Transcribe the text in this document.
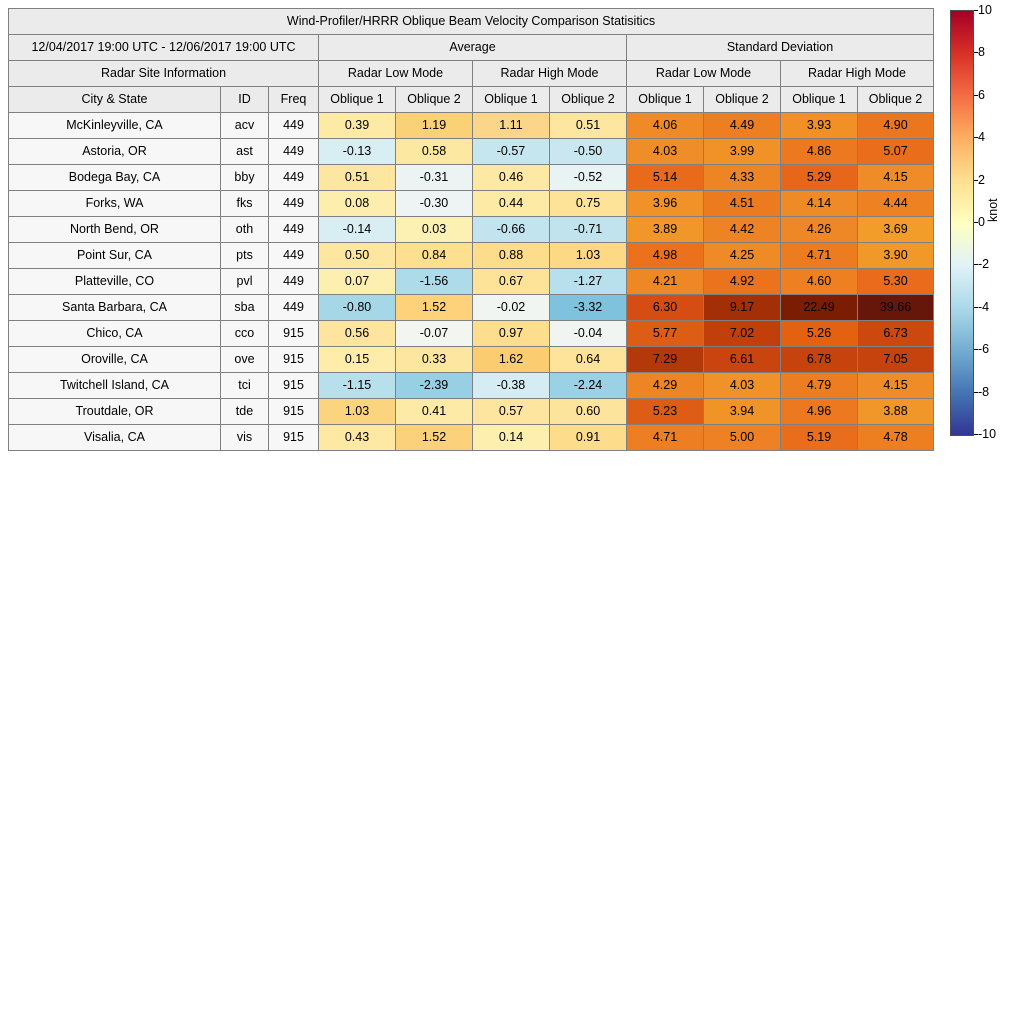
Wind-Profiler/HRRR Oblique Beam Velocity Comparison Statisitics										
12/04/2017 19:00 UTC - 12/06/2017 19:00 UTC			Average				Standard Deviation			
Radar Site Information			Radar Low Mode		Radar High Mode		Radar Low Mode		Radar High Mode	
City & State	ID	Freq	Oblique 1	Oblique 2	Oblique 1	Oblique 2	Oblique 1	Oblique 2	Oblique 1	Oblique 2
McKinleyville, CA	acv	449	0.39	1.19	1.11	0.51	4.06	4.49	3.93	4.90
Astoria, OR	ast	449	-0.13	0.58	-0.57	-0.50	4.03	3.99	4.86	5.07
Bodega Bay, CA	bby	449	0.51	-0.31	0.46	-0.52	5.14	4.33	5.29	4.15
Forks, WA	fks	449	0.08	-0.30	0.44	0.75	3.96	4.51	4.14	4.44
North Bend, OR	oth	449	-0.14	0.03	-0.66	-0.71	3.89	4.42	4.26	3.69
Point Sur, CA	pts	449	0.50	0.84	0.88	1.03	4.98	4.25	4.71	3.90
Platteville, CO	pvl	449	0.07	-1.56	0.67	-1.27	4.21	4.92	4.60	5.30
Santa Barbara, CA	sba	449	-0.80	1.52	-0.02	-3.32	6.30	9.17	22.49	39.66
Chico, CA	cco	915	0.56	-0.07	0.97	-0.04	5.77	7.02	5.26	6.73
Oroville, CA	ove	915	0.15	0.33	1.62	0.64	7.29	6.61	6.78	7.05
Twitchell Island, CA	tci	915	-1.15	-2.39	-0.38	-2.24	4.29	4.03	4.79	4.15
Troutdale, OR	tde	915	1.03	0.41	0.57	0.60	5.23	3.94	4.96	3.88
Visalia, CA	vis	915	0.43	1.52	0.14	0.91	4.71	5.00	5.19	4.78
10
8
6
4
2
0
-2
-4
-6
-8
-10
knot
